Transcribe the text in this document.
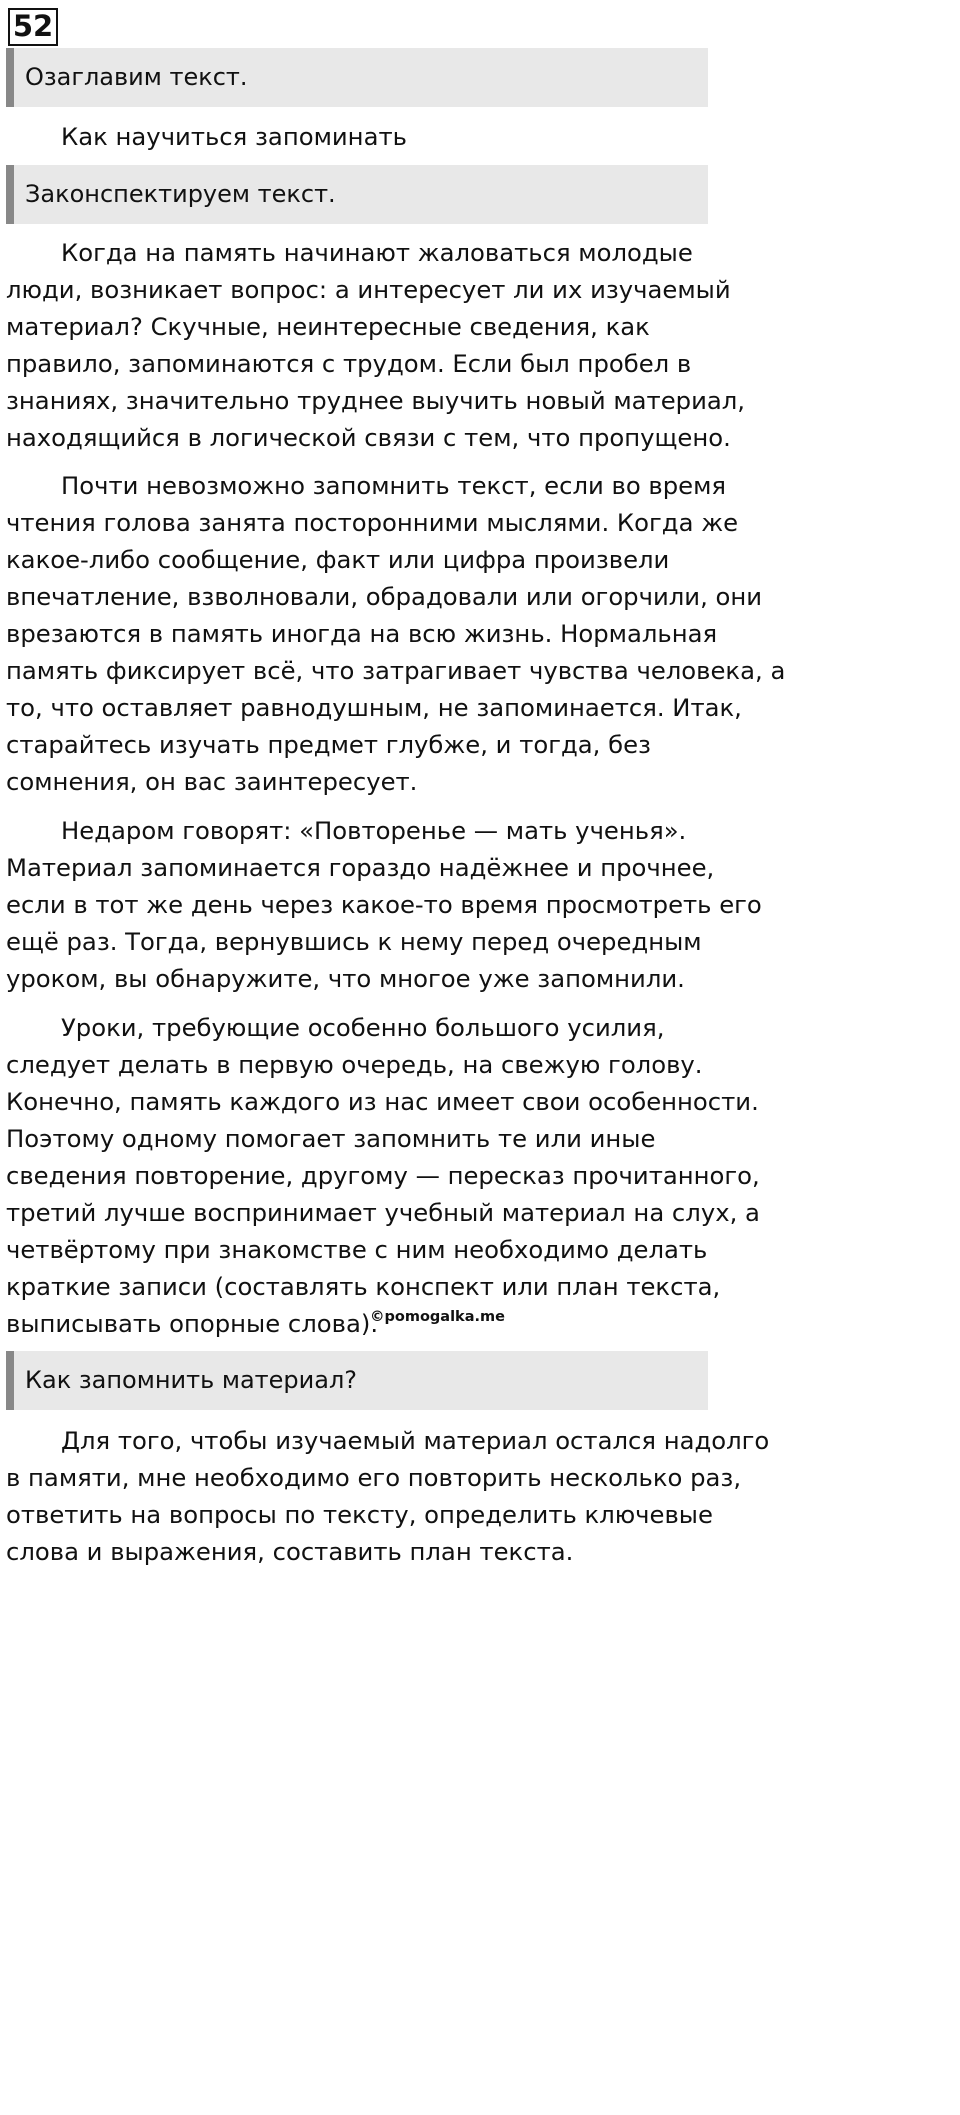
52
Озаглавим текст.
Как научиться запоминать
Законспектируем текст.
Когда на память начинают жаловаться молодые
люди, возникает вопрос: а интересует ли их изучаемый
материал? Скучные, неинтересные сведения, как
правило, запоминаются с трудом. Если был пробел в
знаниях, значительно труднее выучить новый материал,
находящийся в логической связи с тем, что пропущено.
Почти невозможно запомнить текст, если во время
чтения голова занята посторонними мыслями. Когда же
какое-либо сообщение, факт или цифра произвели
впечатление, взволновали, обрадовали или огорчили, они
врезаются в память иногда на всю жизнь. Нормальная
память фиксирует всё, что затрагивает чувства человека, а
то, что оставляет равнодушным, не запоминается. Итак,
старайтесь изучать предмет глубже, и тогда, без
сомнения, он вас заинтересует.
Недаром говорят: «Повторенье — мать ученья».
Материал запоминается гораздо надёжнее и прочнее,
если в тот же день через какое-то время просмотреть его
ещё раз. Тогда, вернувшись к нему перед очередным
уроком, вы обнаружите, что многое уже запомнили.
Уроки, требующие особенно большого усилия,
следует делать в первую очередь, на свежую голову.
Конечно, память каждого из нас имеет свои особенности.
Поэтому одному помогает запомнить те или иные
сведения повторение, другому — пересказ прочитанного,
третий лучше воспринимает учебный материал на слух, а
четвёртому при знакомстве с ним необходимо делать
краткие записи (составлять конспект или план текста,
выписывать опорные слова).
©pomogalka.me
Как запомнить материал?
Для того, чтобы изучаемый материал остался надолго
в памяти, мне необходимо его повторить несколько раз,
ответить на вопросы по тексту, определить ключевые
слова и выражения, составить план текста.
